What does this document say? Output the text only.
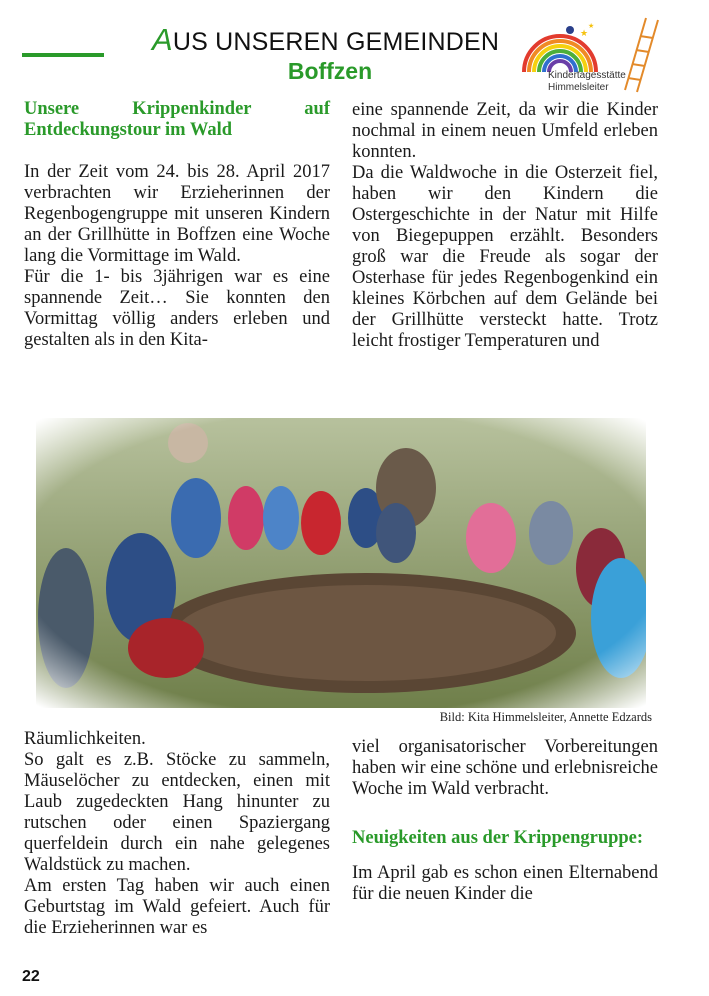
AUS UNSEREN GEMEINDEN
Boffzen
★
★
Kindertagesstätte
Himmelsleiter
Unsere Krippenkinder auf Entdeckungstour im Wald

In der Zeit vom 24. bis 28. April 2017 verbrachten wir Erzieherinnen der Regenbogengruppe mit unseren Kindern an der Grillhütte in Boffzen eine Woche lang die Vormittage im Wald.

Für die 1- bis 3jährigen war es eine spannende Zeit… Sie konnten den Vormittag völlig anders erleben und gestalten als in den Kita-

eine spannende Zeit, da wir die Kinder nochmal in einem neuen Umfeld erleben konnten.

Da die Waldwoche in die Osterzeit fiel, haben wir den Kindern die Ostergeschichte in der Natur mit Hilfe von Biegepuppen erzählt. Besonders groß war die Freude als sogar der Osterhase für jedes Regenbogenkind ein kleines Körbchen auf dem Gelände bei der Grillhütte versteckt hatte. Trotz leicht frostiger Temperaturen und

Bild: Kita Himmelsleiter, Annette Edzards

Räumlichkeiten.

So galt es z.B. Stöcke zu sammeln, Mäuselöcher zu entdecken, einen mit Laub zugedeckten Hang hinunter zu rutschen oder einen Spaziergang querfeldein durch ein nahe gelegenes Waldstück zu machen.

Am ersten Tag haben wir auch einen Geburtstag im Wald gefeiert. Auch für die Erzieherinnen war es

viel organisatorischer Vorbereitungen haben wir eine schöne und erlebnisreiche Woche im Wald verbracht.

Neuigkeiten aus der Krippengruppe:

Im April gab es schon einen Elternabend für die neuen Kinder die

22
